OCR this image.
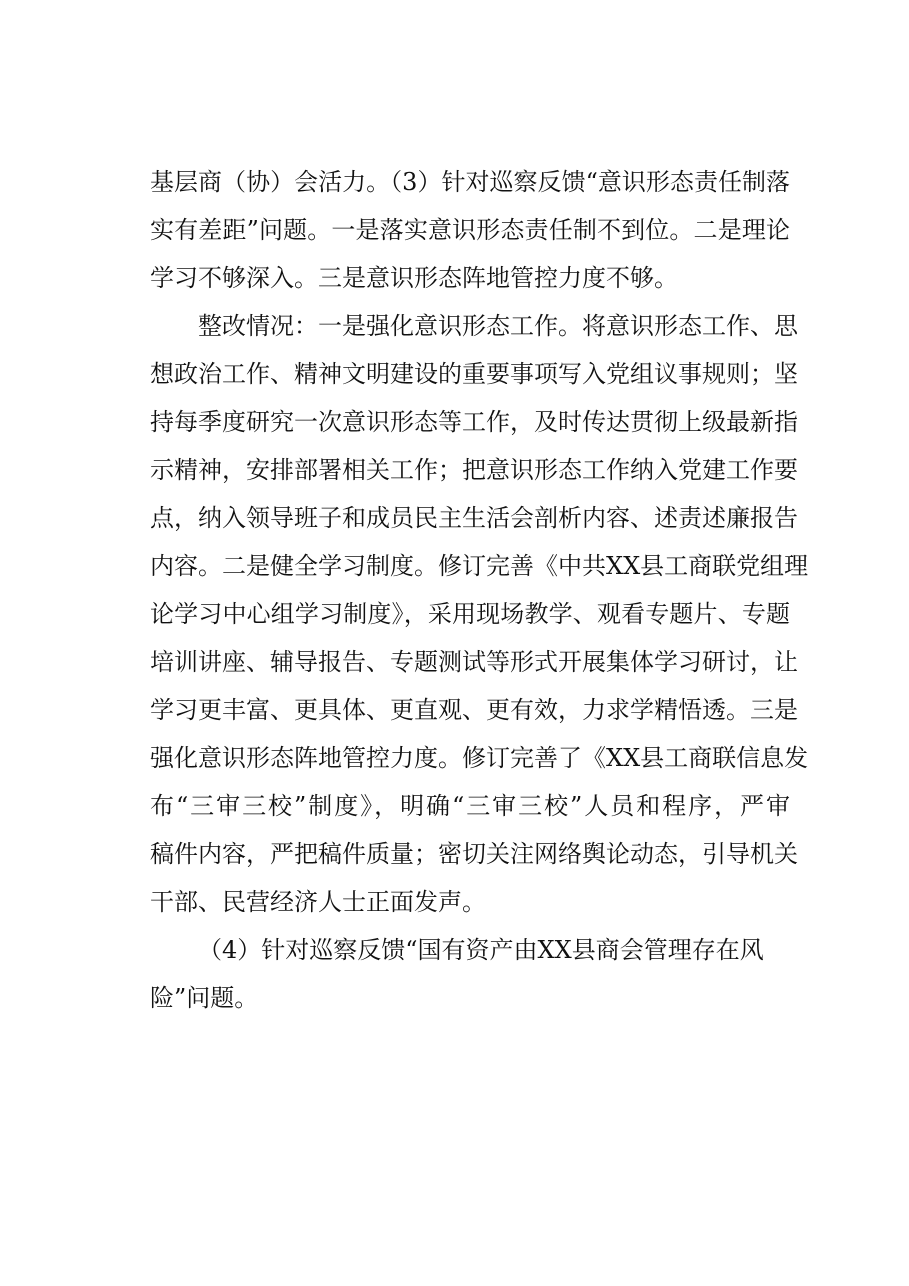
基层商（协）会活力。（3）针对巡察反馈“意识形态责任制落
实有差距”问题。一是落实意识形态责任制不到位。二是理论
学习不够深入。三是意识形态阵地管控力度不够。
整改情况：一是强化意识形态工作。将意识形态工作、思
想政治工作、精神文明建设的重要事项写入党组议事规则；坚
持每季度研究一次意识形态等工作，及时传达贯彻上级最新指
示精神，安排部署相关工作；把意识形态工作纳入党建工作要
点，纳入领导班子和成员民主生活会剖析内容、述责述廉报告
内容。二是健全学习制度。修订完善《中共XX县工商联党组理
论学习中心组学习制度》，采用现场教学、观看专题片、专题
培训讲座、辅导报告、专题测试等形式开展集体学习研讨，让
学习更丰富、更具体、更直观、更有效，力求学精悟透。三是
强化意识形态阵地管控力度。修订完善了《XX县工商联信息发
布“三审三校”制度》，明确“三审三校”人员和程序，严审
稿件内容，严把稿件质量；密切关注网络舆论动态，引导机关
干部、民营经济人士正面发声。
（4）针对巡察反馈“国有资产由XX县商会管理存在风
险”问题。
